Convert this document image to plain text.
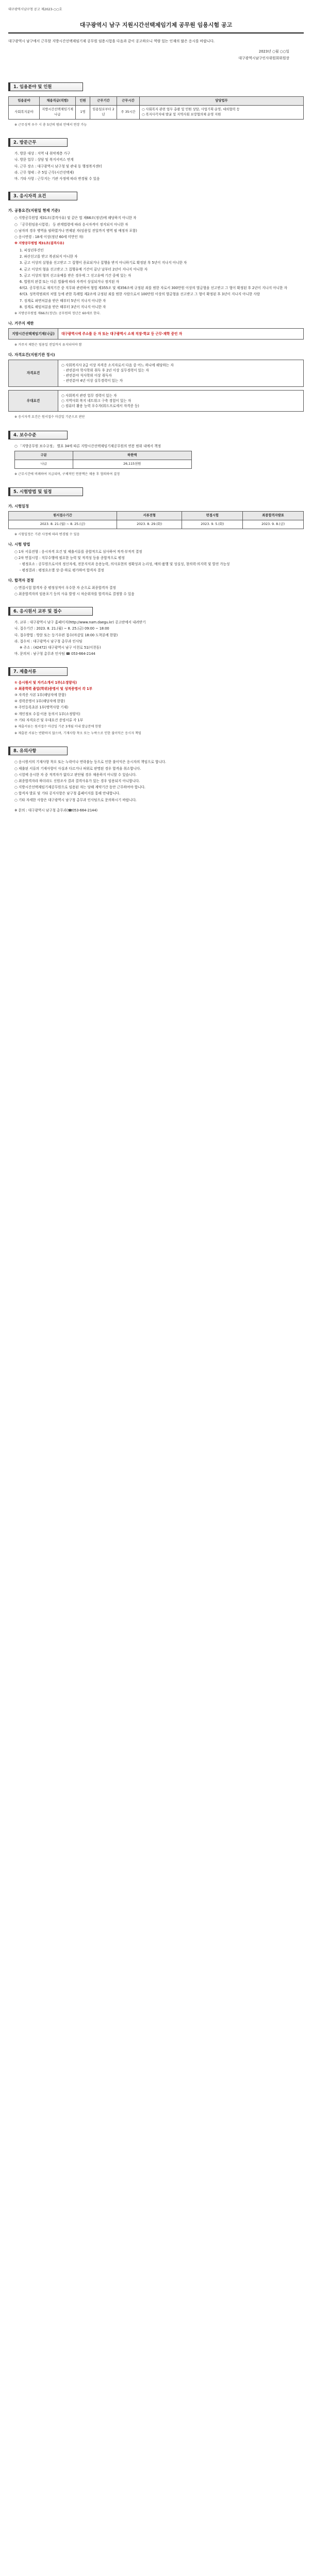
대구광역시남구청 공고 제2023-○○호
대구광역시 남구 지원시간선택제임기제 공무원 임용시험 공고
대구광역시 남구에서 근무할 지방시간선택제임기제 공무원 임용시험을 다음과 같이 공고하오니 역량 있는 인재의 많은 응시를 바랍니다.
2023년 ○월 ○○일
대구광역시남구인사위원회위원장
1. 임용분야 및 인원
임용분야	채용직급(직렬)	인원	근무기간	근무시간	담당업무
사회복지분야	지방시간선택제임기제 나급	1명	임용일로부터 2년	주 35시간	○ 사회복지 관련 업무 총괄 및 민원 상담, 사업기획·운영, 대외협력 등
○ 복지사각지대 발굴 및 지역사회 보장협의체 운영 지원
※ 근무성적 우수 시 총 5년의 범위 안에서 연장 가능
2. 방문근무
가. 방문 대상 : 지역 내 취약계층 가구
나. 방문 업무 : 상담 및 복지서비스 연계
다. 근무 장소 : 대구광역시 남구청 및 관내 동 행정복지센터
라. 근무 형태 : 주 5일 근무(시간선택제)
마. 기타 사항 : 근무지는 기관 사정에 따라 변경될 수 있음
3. 응시자격 요건
가. 공통요건(지원일 현재 기준)
○ 지방공무원법 제31조(결격사유) 및 같은 법 제66조(정년)에 해당하지 아니한 자
○ 「공무원임용시험령」 등 관계법령에 따라 응시자격이 정지되지 아니한 자
○ 남자의 경우 병역을 필하였거나 면제된 자(임용일 전일까지 병역 필 예정자 포함)
○ 응시연령 : 18세 이상(정년 60세 미만인 자)
※ 지방공무원법 제31조(결격사유)
1. 피성년후견인
2. 파산선고를 받고 복권되지 아니한 자
3. 금고 이상의 실형을 선고받고 그 집행이 종료되거나 집행을 받지 아니하기로 확정된 후 5년이 지나지 아니한 자
4. 금고 이상의 형을 선고받고 그 집행유예 기간이 끝난 날부터 2년이 지나지 아니한 자
5. 금고 이상의 형의 선고유예를 받은 경우에 그 선고유예 기간 중에 있는 자
6. 법원의 판결 또는 다른 법률에 따라 자격이 상실되거나 정지된 자
6의2. 공무원으로 재직기간 중 직무와 관련하여 형법 제355조 및 제356조에 규정된 죄를 범한 자로서 300만원 이상의 벌금형을 선고받고 그 형이 확정된 후 2년이 지나지 아니한 자
6의3. 성폭력범죄의 처벌 등에 관한 특례법 제2조에 규정된 죄를 범한 사람으로서 100만원 이상의 벌금형을 선고받고 그 형이 확정된 후 3년이 지나지 아니한 사람
7. 징계로 파면처분을 받은 때부터 5년이 지나지 아니한 자
8. 징계로 해임처분을 받은 때부터 3년이 지나지 아니한 자
※ 지방공무원법 제66조(정년): 공무원의 정년은 60세로 한다.
나. 거주지 제한
지방시간선택제임기제(나급)	대구광역시에 주소를 둔 자 또는 대구광역시 소재 직장·학교 등 근무·재학 중인 자
※ 거주지 제한은 임용일 전일까지 유지되어야 함
다. 자격요건(지원기관 정시)
자격요건
○ 사회복지사 2급 이상 자격증 소지자로서 다음 중 어느 하나에 해당하는 자
- 관련분야 학사학위 취득 후 2년 이상 실무경력이 있는 자
- 관련분야 석사학위 이상 취득자
- 관련분야 4년 이상 실무경력이 있는 자
우대요건
○ 사회복지 관련 업무 경력이 있는 자
○ 지역사회 복지 네트워크 구축 경험이 있는 자
○ 컴퓨터 활용 능력 우수자(워드프로세서 자격증 등)
※ 응시자격 요건은 원서접수 마감일 기준으로 판단
4. 보수수준
○ 「지방공무원 보수규정」 별표 34에 따른 지방시간선택제임기제공무원의 연봉 범위 내에서 책정
구분	하한액
나급	26,115천원
※ 근무시간에 비례하여 지급되며, 구체적인 연봉액은 채용 후 협의하여 결정
5. 시험방법 및 일정
가. 시험일정
원서접수기간	서류전형	면접시험	최종합격자발표
2023. 8. 21.(월) ~ 8. 25.(금)	2023. 8. 29.(화)	2023. 9. 5.(화)	2023. 9. 8.(금)
※ 시험일정은 기관 사정에 따라 변경될 수 있음
나. 시험 방법
○ 1차 서류전형 : 응시자격 요건 및 제출서류를 종합적으로 심사하여 적격·부적격 결정
○ 2차 면접시험 : 직무수행에 필요한 능력 및 적격성 등을 종합적으로 평정
- 평정요소 : 공무원으로서의 정신자세, 전문지식과 응용능력, 의사표현의 정확성과 논리성, 예의·품행 및 성실성, 창의력·의지력 및 발전 가능성
- 평정결과 : 평정요소별 상·중·하로 평가하여 합격자 결정
다. 합격자 결정
○ 면접시험 합격자 중 평정성적이 우수한 자 순으로 최종합격자 결정
○ 최종합격자의 임용포기 등의 사유 발생 시 차순위자를 합격자로 결정할 수 있음
6. 응시원서 교부 및 접수
가. 교부 : 대구광역시 남구 홈페이지(http://www.nam.daegu.kr) 공고란에서 내려받기
나. 접수기간 : 2023. 8. 21.(월) ~ 8. 25.(금) 09:00 ~ 18:00
다. 접수방법 : 방문 또는 등기우편 접수(마감일 18:00 도착분에 한함)
라. 접수처 : 대구광역시 남구청 총무과 인사팀
※ 주소 : (42472) 대구광역시 남구 이천로 51(이천동)
마. 문의처 : 남구청 총무과 인사팀 ☎ 053-664-2144
7. 제출서류
① 응시원서 및 자기소개서 1부(소정양식)
② 최종학력 졸업(학위)증명서 및 성적증명서 각 1부
③ 자격증 사본 1부(해당자에 한함)
④ 경력증명서 1부(해당자에 한함)
⑤ 주민등록초본 1부(병역사항 기재)
⑥ 개인정보 수집·이용 동의서 1부(소정양식)
⑦ 기타 자격요건 및 우대요건 증빙서류 각 1부
※ 제출서류는 원서접수 마감일 기준 3개월 이내 발급분에 한함
※ 제출된 서류는 반환하지 않으며, 기재사항 착오 또는 누락으로 인한 불이익은 응시자 책임
8. 유의사항
○ 응시원서의 기재사항 착오 또는 누락이나 연락불능 등으로 인한 불이익은 응시자의 책임으로 합니다.
○ 제출된 서류의 기재사항이 사실과 다르거나 허위로 판명된 경우 합격을 취소합니다.
○ 시험에 응시한 자 중 적격자가 없다고 판단될 경우 채용하지 아니할 수 있습니다.
○ 최종합격자라 하더라도 신원조사 결과 결격사유가 있는 경우 임용되지 아니합니다.
○ 지방시간선택제임기제공무원으로 임용된 자는 당해 계약기간 동안 근무하여야 합니다.
○ 합격자 발표 및 기타 공지사항은 남구청 홈페이지를 통해 안내합니다.
○ 기타 자세한 사항은 대구광역시 남구청 총무과 인사팀으로 문의하시기 바랍니다.
※ 문의 : 대구광역시 남구청 총무과(☎053-664-2144)
